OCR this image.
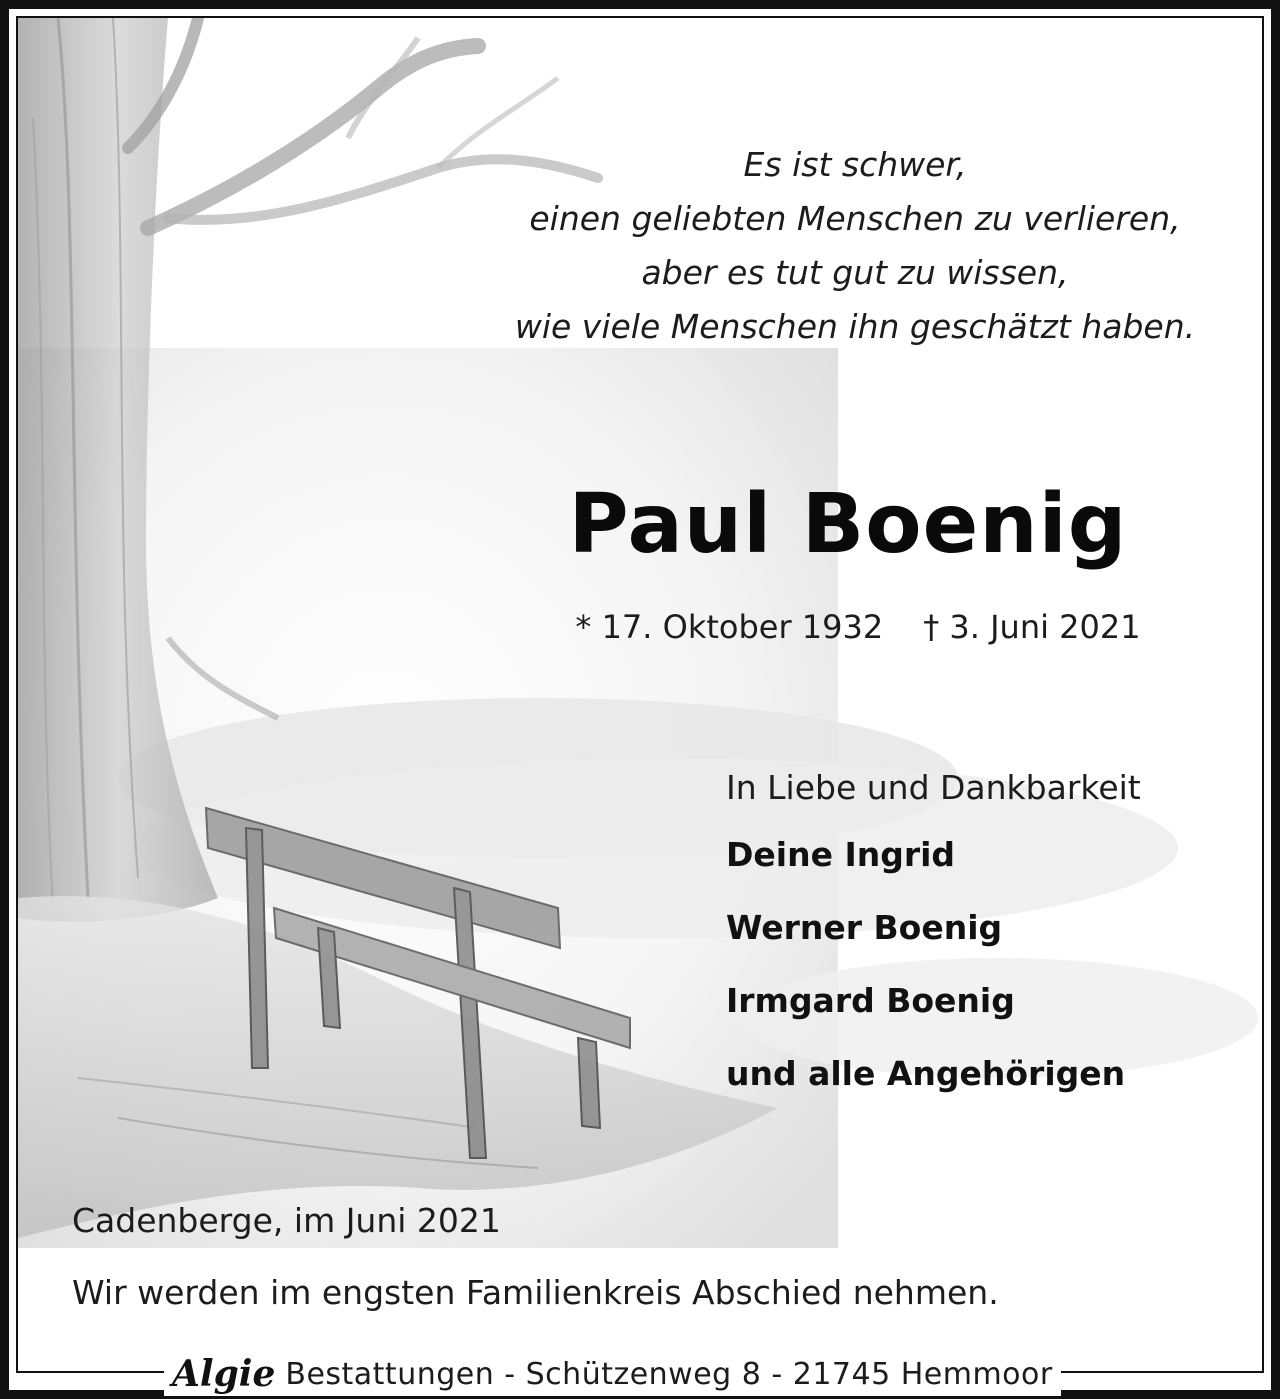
Es ist schwer,
einen geliebten Menschen zu verlieren,
aber es tut gut zu wissen,
wie viele Menschen ihn geschätzt haben.
Paul Boenig
* 17. Oktober 1932 † 3. Juni 2021
In Liebe und Dankbarkeit
Deine Ingrid
Werner Boenig
Irmgard Boenig
und alle Angehörigen
Cadenberge, im Juni 2021
Wir werden im engsten Familienkreis Abschied nehmen.
Algie Bestattungen - Schützenweg 8 - 21745 Hemmoor
